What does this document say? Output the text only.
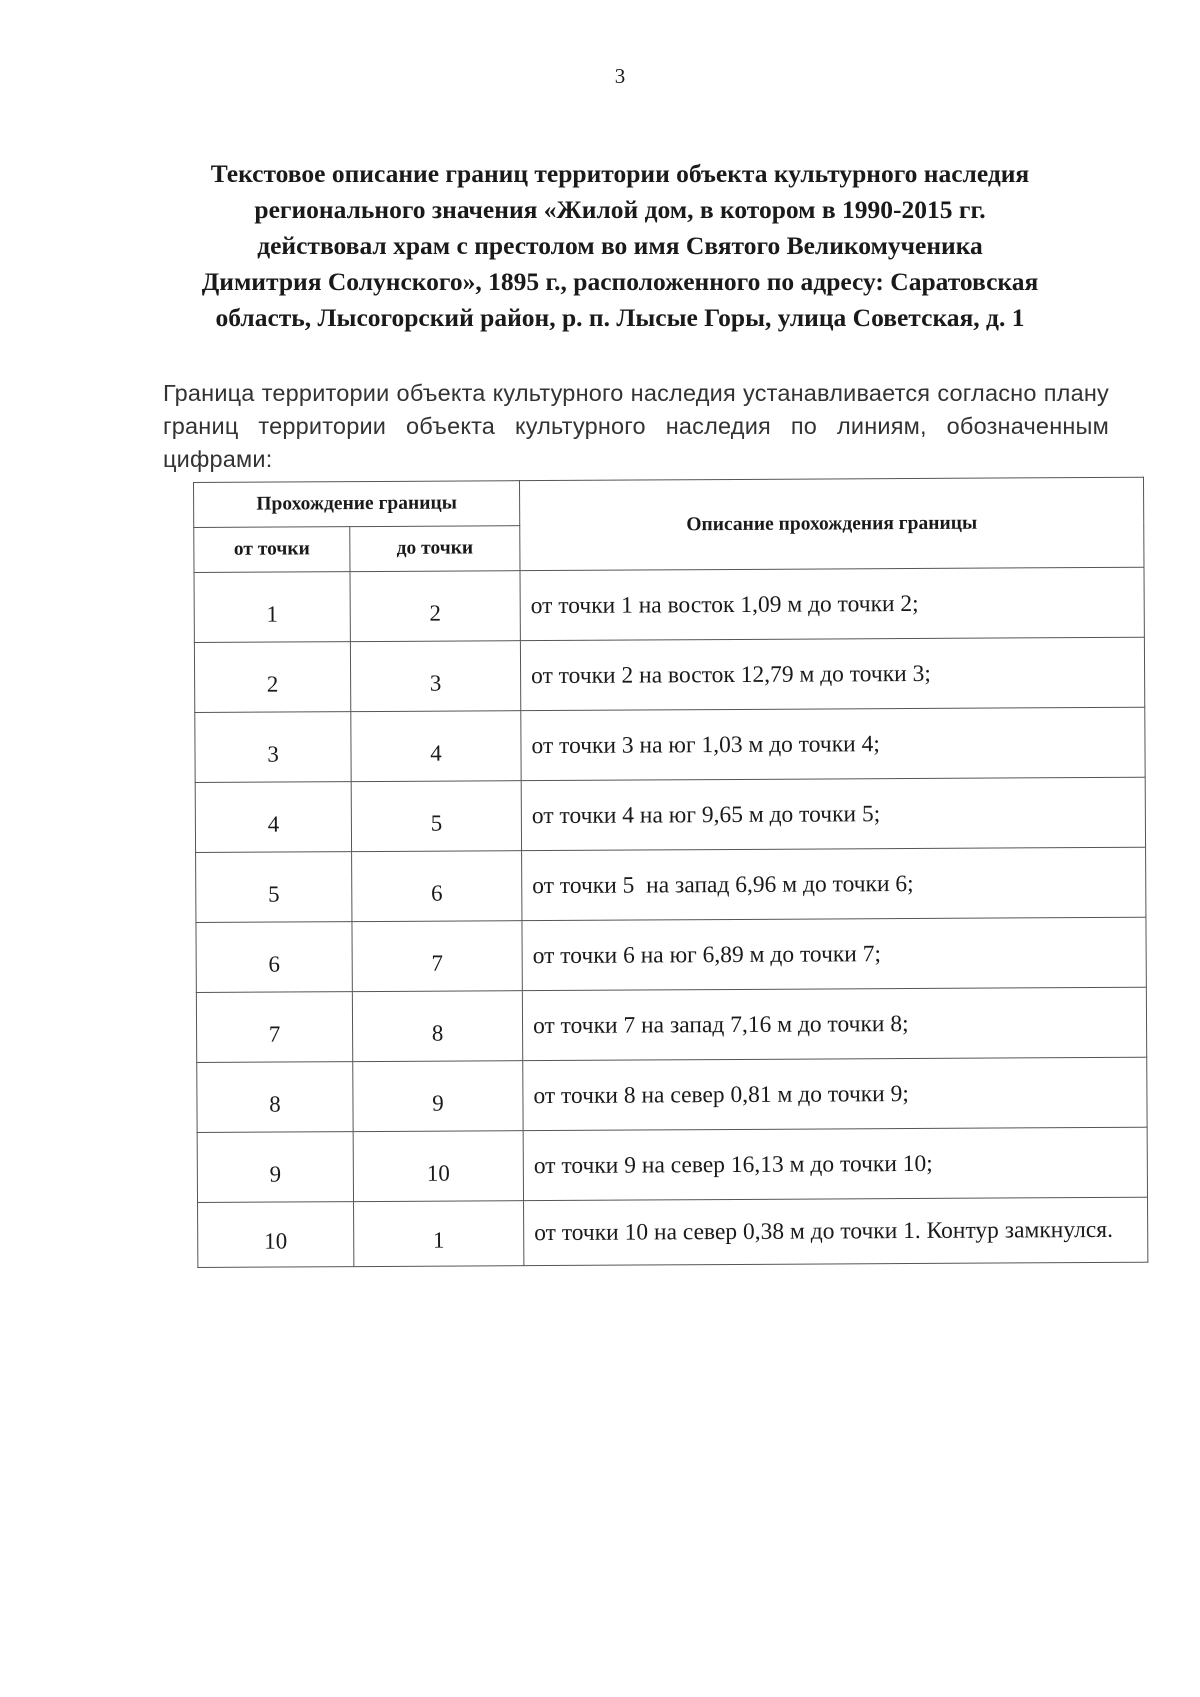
3
Текстовое описание границ территории объекта культурного наследия
регионального значения «Жилой дом, в котором в 1990-2015 гг.
действовал храм с престолом во имя Святого Великомученика
Димитрия Солунского», 1895 г., расположенного по адресу: Саратовская
область, Лысогорский район, р. п. Лысые Горы, улица Советская, д. 1

Граница территории объекта культурного наследия устанавливается согласно плану границ территории объекта культурного наследия по линиям, обозначенным цифрами:

Прохождение границы		Описание прохождения границы
от точки	до точки	
1	2	от точки 1 на восток 1,09 м до точки 2;
2	3	от точки 2 на восток 12,79 м до точки 3;
3	4	от точки 3 на юг 1,03 м до точки 4;
4	5	от точки 4 на юг 9,65 м до точки 5;
5	6	от точки 5  на запад 6,96 м до точки 6;
6	7	от точки 6 на юг 6,89 м до точки 7;
7	8	от точки 7 на запад 7,16 м до точки 8;
8	9	от точки 8 на север 0,81 м до точки 9;
9	10	от точки 9 на север 16,13 м до точки 10;
10	1	от точки 10 на север 0,38 м до точки 1. Контур замкнулся.
